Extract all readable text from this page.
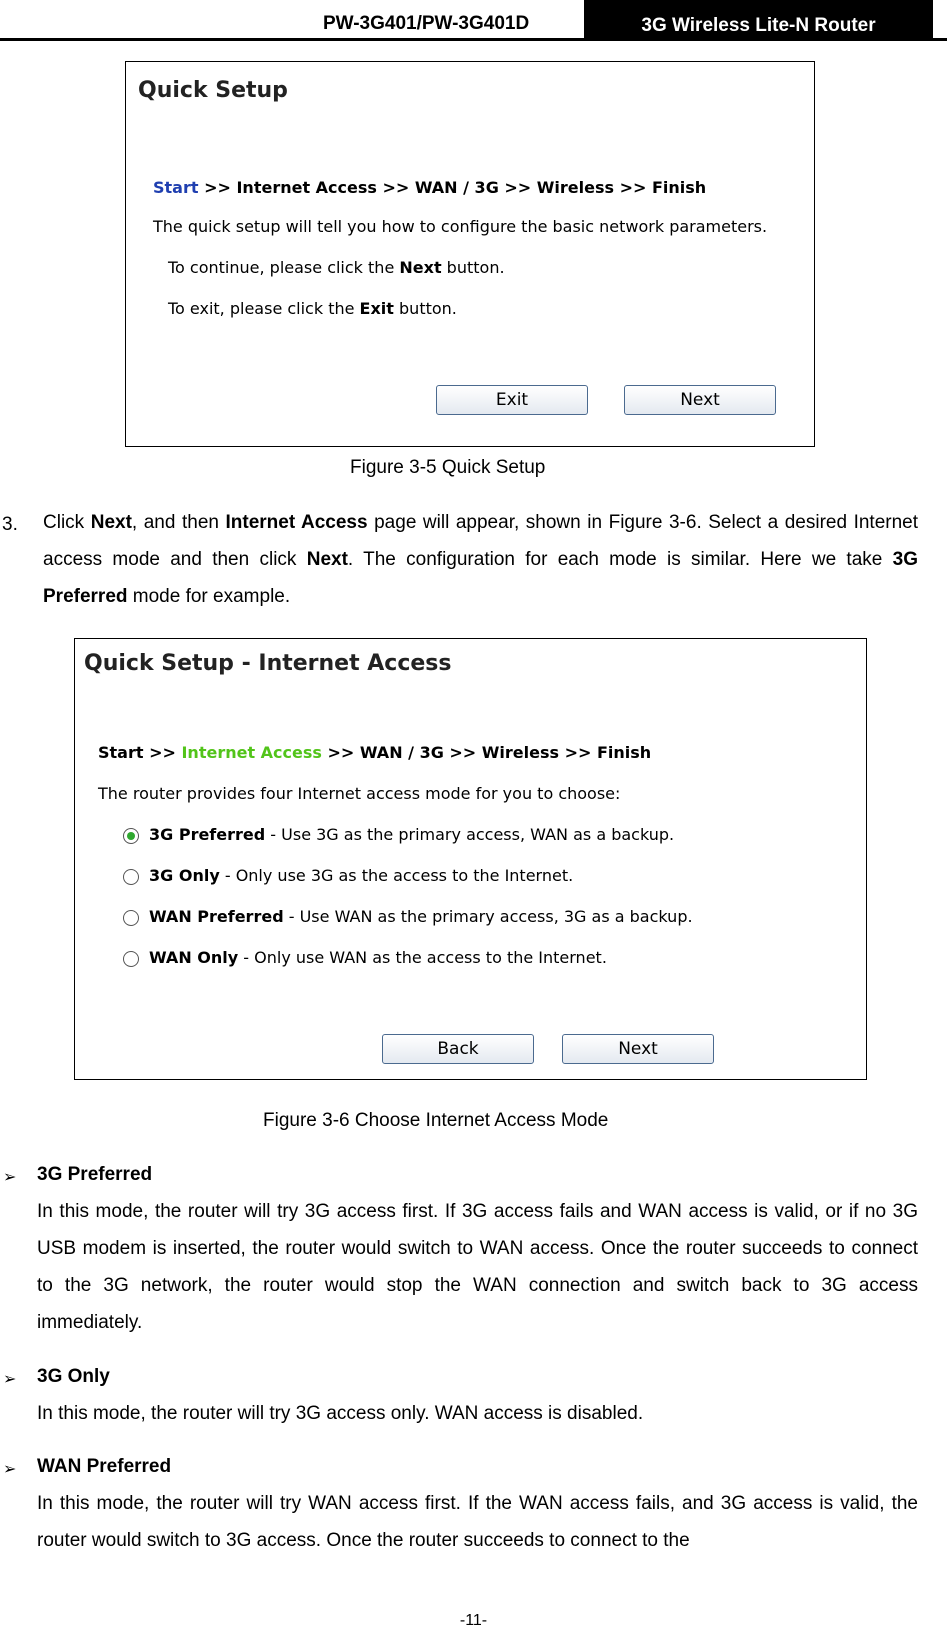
PW-3G401/PW-3G401D	3G Wireless Lite-N Router
Quick Setup
Start >> Internet Access >> WAN / 3G >> Wireless >> Finish
The quick setup will tell you how to configure the basic network parameters.
To continue, please click the Next button.
To exit, please click the Exit button.
Exit	Next
Figure 3-5 Quick Setup
3. Click Next, and then Internet Access page will appear, shown in Figure 3-6. Select a desired Internet access mode and then click Next. The configuration for each mode is similar. Here we take 3G Preferred mode for example.
Quick Setup - Internet Access
Start >> Internet Access >> WAN / 3G >> Wireless >> Finish
The router provides four Internet access mode for you to choose:
3G Preferred - Use 3G as the primary access, WAN as a backup.
3G Only - Only use 3G as the access to the Internet.
WAN Preferred - Use WAN as the primary access, 3G as a backup.
WAN Only - Only use WAN as the access to the Internet.
Back	Next
Figure 3-6 Choose Internet Access Mode
➢ 3G Preferred
In this mode, the router will try 3G access first. If 3G access fails and WAN access is valid, or if no 3G USB modem is inserted, the router would switch to WAN access. Once the router succeeds to connect to the 3G network, the router would stop the WAN connection and switch back to 3G access immediately.
➢ 3G Only
In this mode, the router will try 3G access only. WAN access is disabled.
➢ WAN Preferred
In this mode, the router will try WAN access first. If the WAN access fails, and 3G access is valid, the router would switch to 3G access. Once the router succeeds to connect to the
-11-
